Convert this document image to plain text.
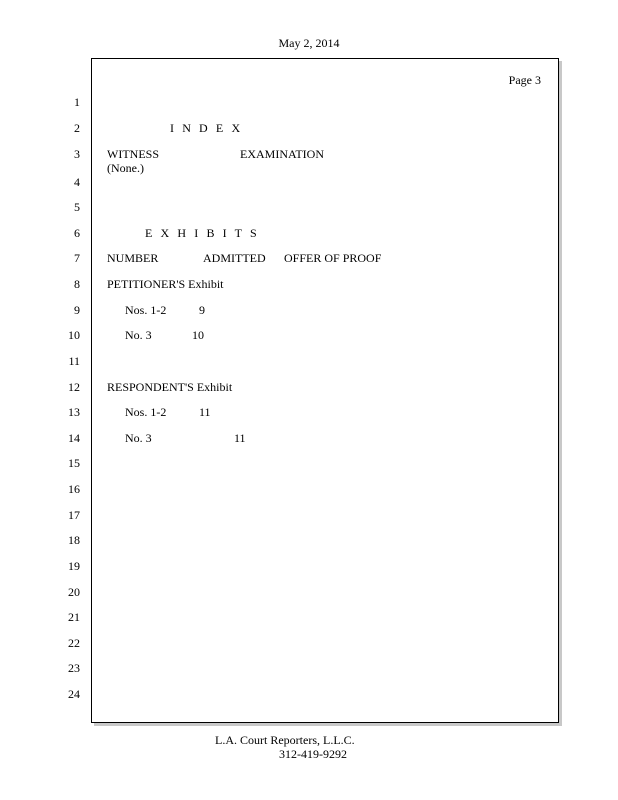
May 2, 2014
Page 3
1
2
3
4
5
6
7
8
9
10
11
12
13
14
15
16
17
18
19
20
21
22
23
24
I N D E X
WITNESS	EXAMINATION
(None.)
E X H I B I T S
NUMBER	ADMITTED OFFER OF PROOF
PETITIONER'S Exhibit
Nos. 1-2	9
No. 3	10
RESPONDENT'S Exhibit
Nos. 1-2	11
No. 3	11
L.A. Court Reporters, L.L.C.
312-419-9292
